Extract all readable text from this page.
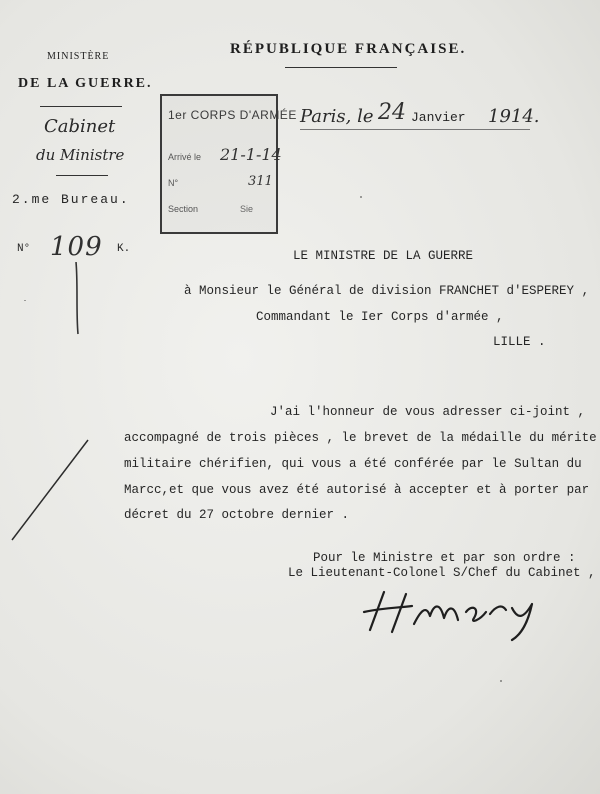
MINISTÈRE
DE LA GUERRE.
Cabinet
du Ministre
2.me Bureau.
N° 109 K.
RÉPUBLIQUE FRANÇAISE.
1er CORPS D'ARMÉE
Arrivé le 21-1-14
N°	311
Section	Sie
Paris, le 24 Janvier 1914.
LE MINISTRE DE LA GUERRE
à Monsieur le Général de division FRANCHET d'ESPEREY ,
Commandant le Ier Corps d'armée ,
LILLE .
J'ai l'honneur de vous adresser ci-joint ,
accompagné de trois pièces , le brevet de la médaille du mérite
militaire chérifien, qui vous a été conférée par le Sultan du
Marcc,et que vous avez été autorisé à accepter et à porter par
décret du 27 octobre dernier .
Pour le Ministre et par son ordre :
Le Lieutenant-Colonel S/Chef du Cabinet ,
